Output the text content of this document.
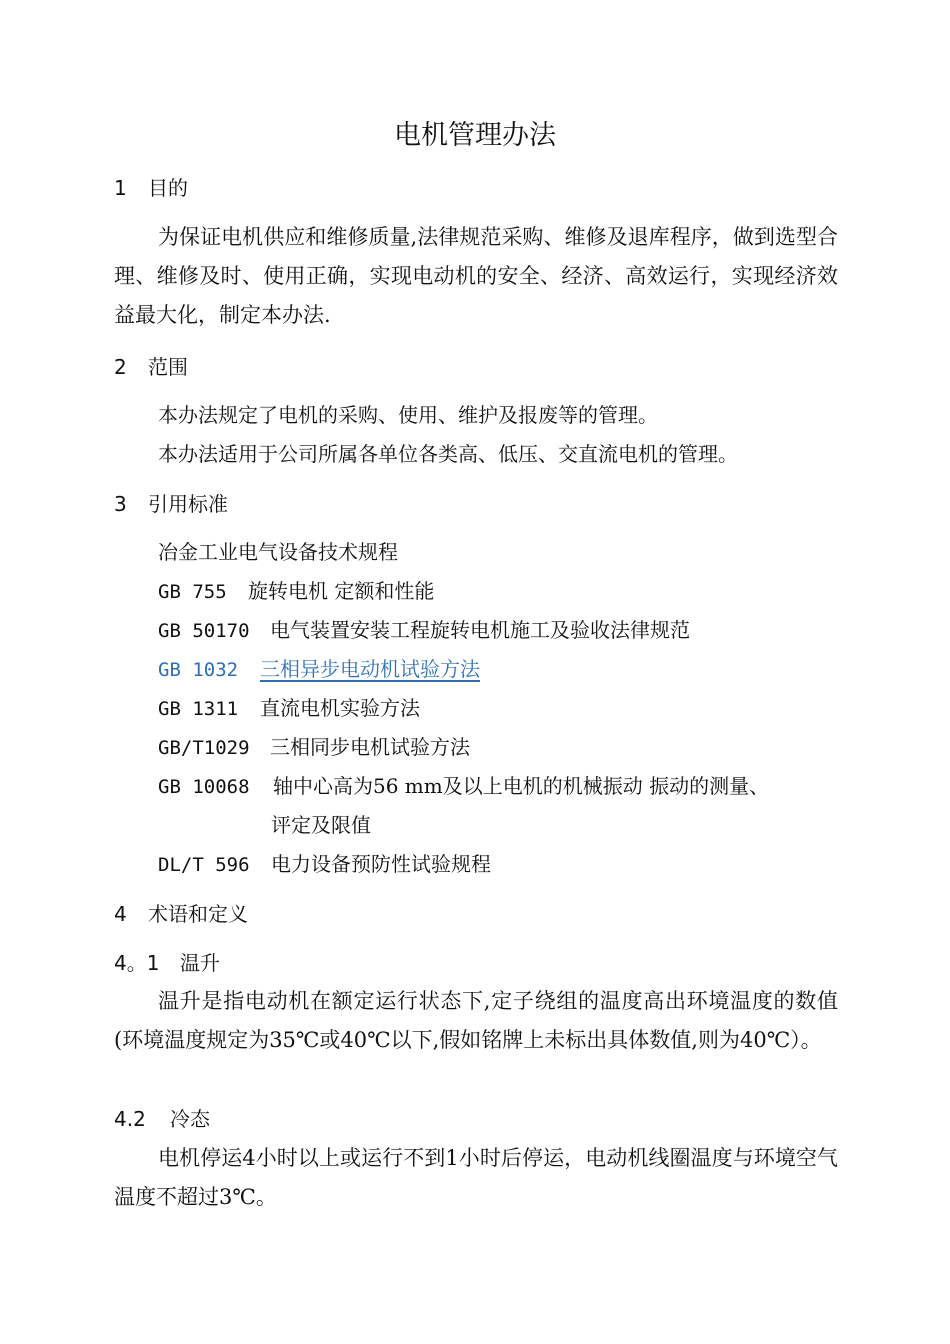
电机管理办法
1 目的
为保证电机供应和维修质量,法律规范采购、维修及退库程序，做到选型合理、维修及时、使用正确，实现电动机的安全、经济、高效运行，实现经济效益最大化，制定本办法.
2 范围
本办法规定了电机的采购、使用、维护及报废等的管理。
本办法适用于公司所属各单位各类高、低压、交直流电机的管理。
3 引用标准
冶金工业电气设备技术规程
GB 755 旋转电机 定额和性能
GB 50170 电气装置安装工程旋转电机施工及验收法律规范
GB 1032 三相异步电动机试验方法
GB 1311 直流电机实验方法
GB/T1029 三相同步电机试验方法
GB 10068 轴中心高为56 mm及以上电机的机械振动 振动的测量、
评定及限值
DL/T 596 电力设备预防性试验规程
4 术语和定义
4。1 温升
温升是指电动机在额定运行状态下,定子绕组的温度高出环境温度的数值(环境温度规定为35℃或40℃以下,假如铭牌上未标出具体数值,则为40℃）。
4.2 冷态
电机停运4小时以上或运行不到1小时后停运，电动机线圈温度与环境空气温度不超过3℃。
